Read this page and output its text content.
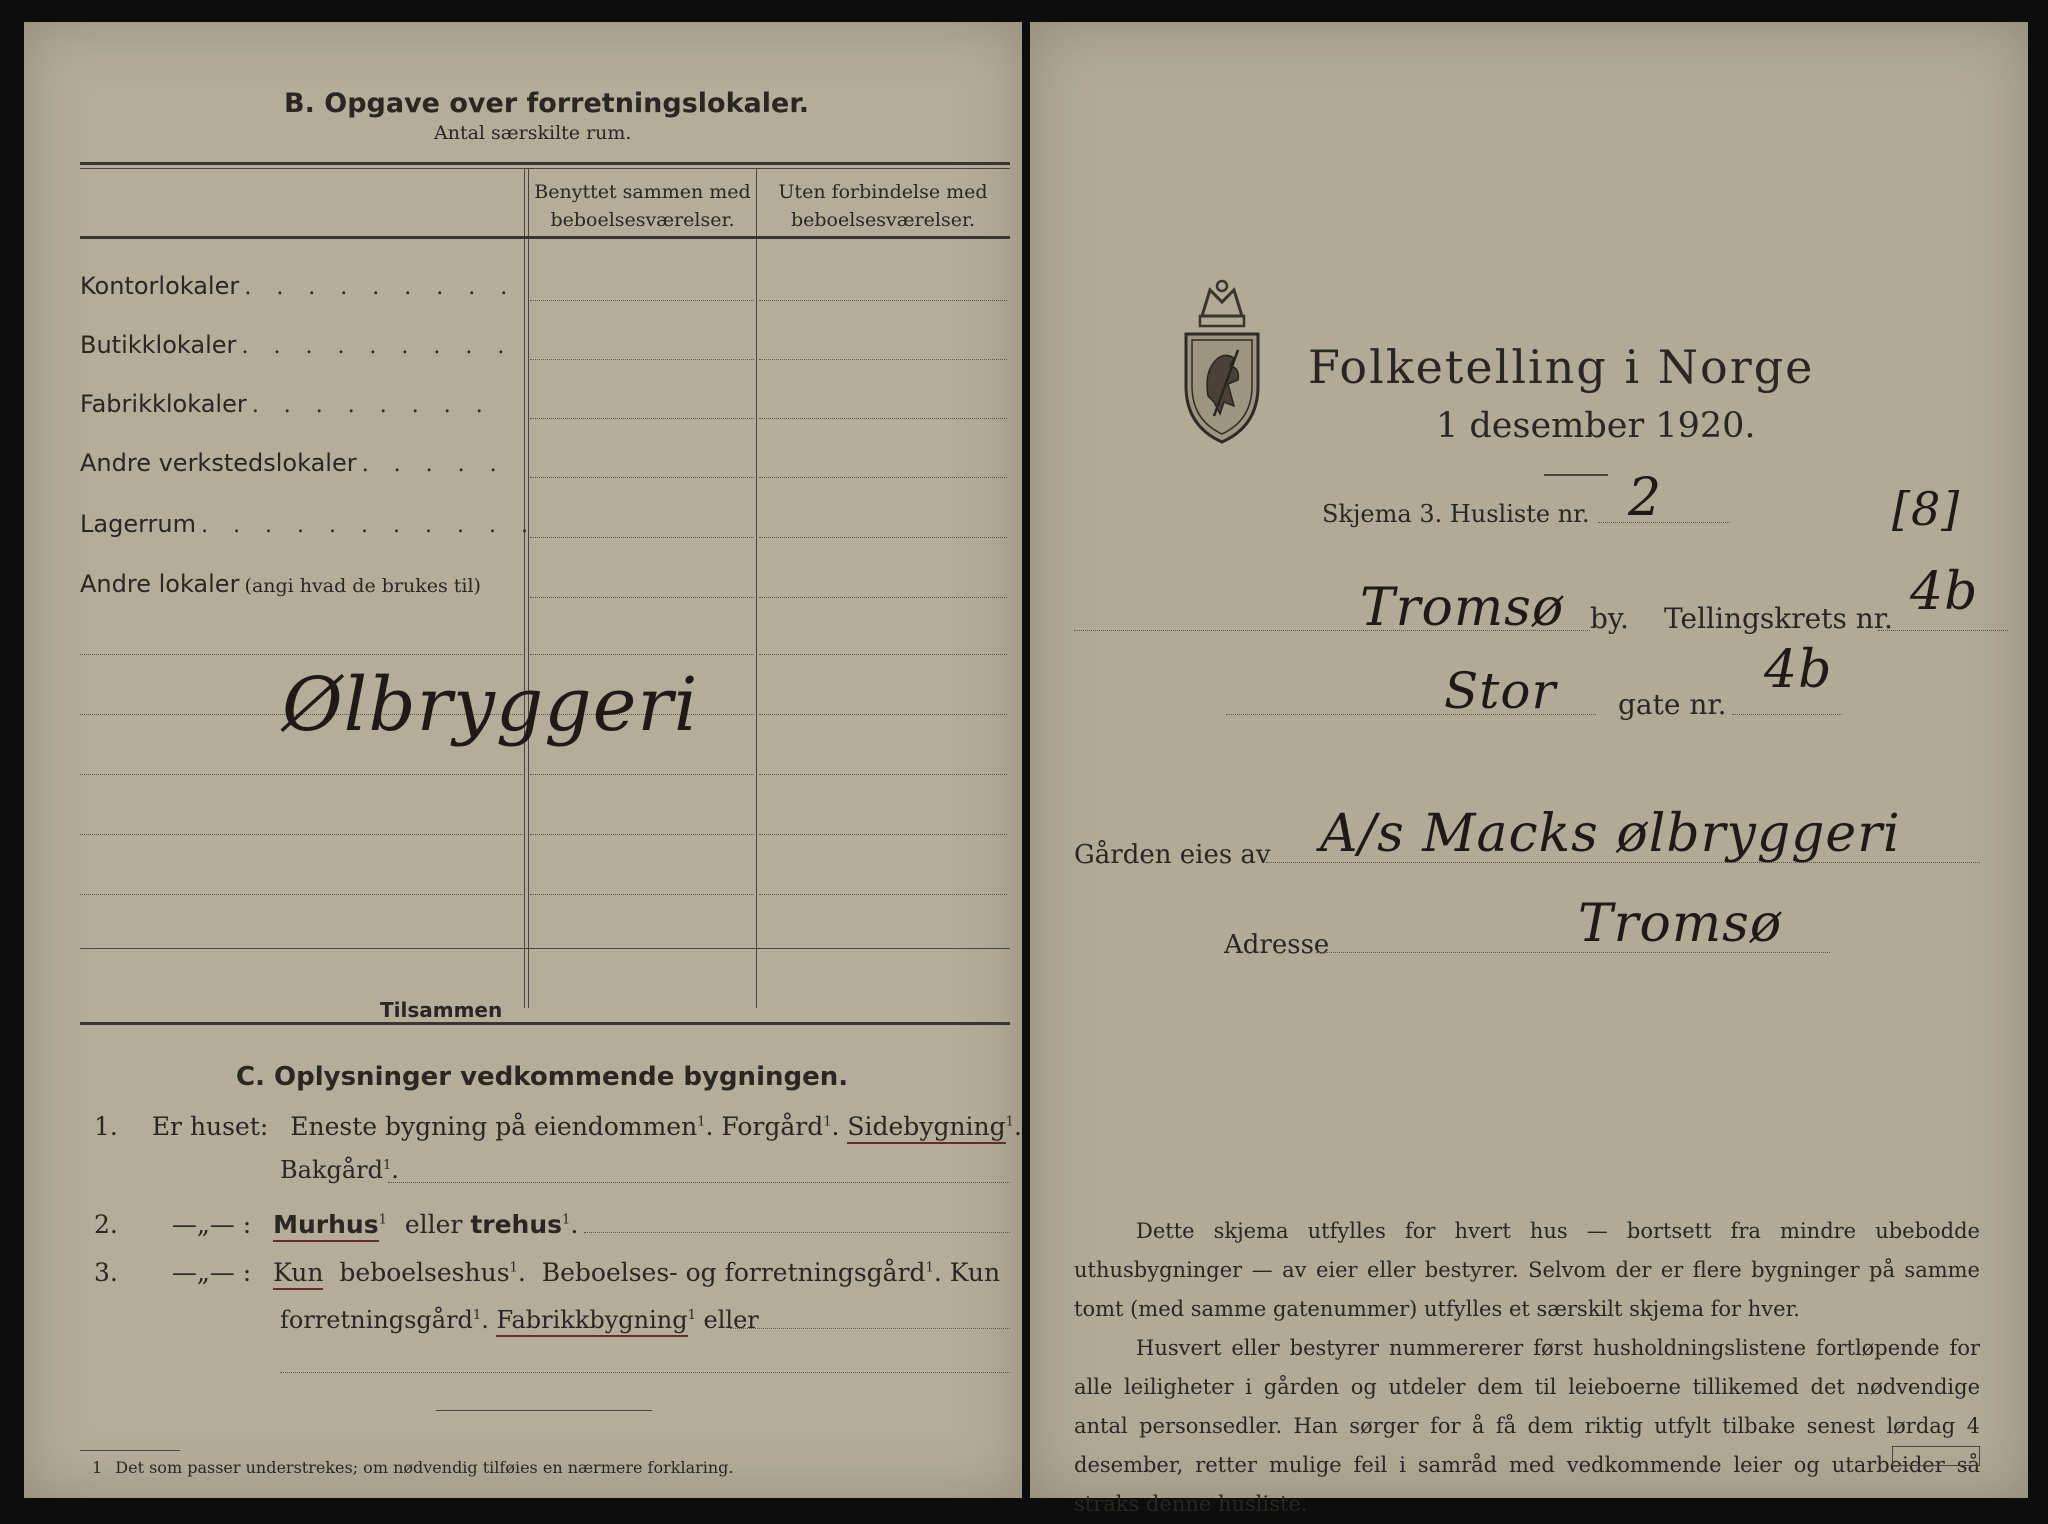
B. Opgave over forretningslokaler.
Antal særskilte rum.
Benyttet sammen med
beboelsesværelser.
Uten forbindelse med
beboelsesværelser.
Kontorlokaler . . . . . . . . .
Butikklokaler . . . . . . . . .
Fabrikklokaler . . . . . . . .
Andre verkstedslokaler . . . . .
Lagerrum . . . . . . . . . . .
Andre lokaler (angi hvad de brukes til)
Ølbryggeri
Tilsammen
C. Oplysninger vedkommende bygningen.
1. Er huset: Eneste bygning på eiendommen$^1$. Forgård$^1$. Sidebygning$^1$.
Bakgård$^1$.
2. —„— : Murhus$^1$ eller trehus$^1$.
3. —„— : Kun beboelseshus$^1$. Beboelses- og forretningsgård$^1$. Kun
forretningsgård$^1$. Fabrikkbygning$^1$ eller
1 Det som passer understrekes; om nødvendig tilføies en nærmere forklaring.
Folketelling i Norge
1 desember 1920.
Skjema 3. Husliste nr. 2	[8]
Tromsø by. Tellingskrets nr. 4b
Stor gate nr.
4b
Gården eies av A/s Macks ølbryggeri
Adresse	Tromsø
Dette skjema utfylles for hvert hus — bortsett fra mindre ubebodde uthusbygninger — av eier eller bestyrer. Selvom der er flere bygninger på samme tomt (med samme gatenummer) utfylles et særskilt skjema for hver.
Husvert eller bestyrer nummererer først husholdningslistene fortløpende for alle leiligheter i gården og utdeler dem til leieboerne tillikemed det nødvendige antal personsedler. Han sørger for å få dem riktig utfylt tilbake senest lørdag 4 desember, retter mulige feil i samråd med vedkommende leier og utarbeider så straks denne husliste.
